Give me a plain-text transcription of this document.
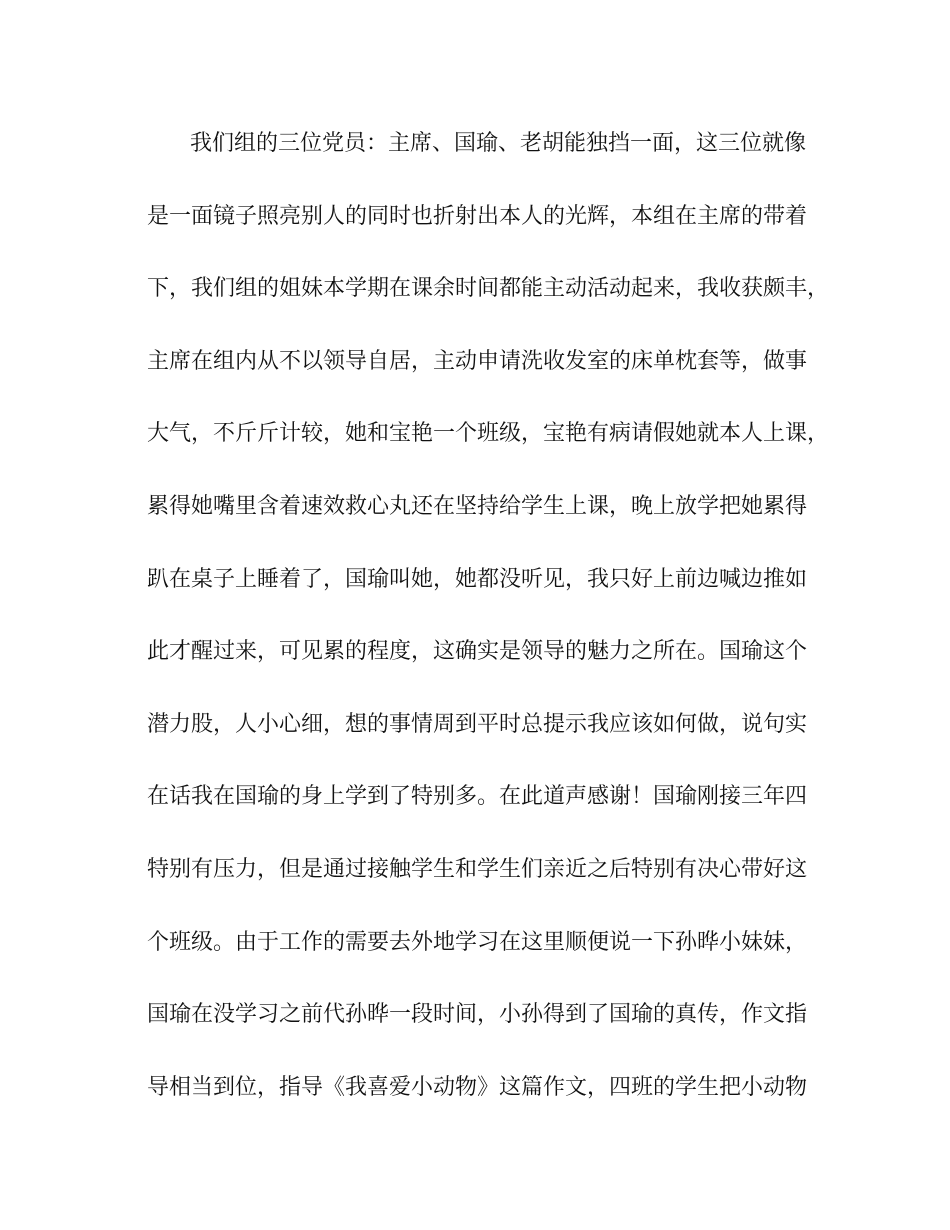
我们组的三位党员：主席、国瑜、老胡能独挡一面，这三位就像
是一面镜子照亮别人的同时也折射出本人的光辉，本组在主席的带着
下，我们组的姐妹本学期在课余时间都能主动活动起来，我收获颇丰，
主席在组内从不以领导自居，主动申请洗收发室的床单枕套等，做事
大气，不斤斤计较，她和宝艳一个班级，宝艳有病请假她就本人上课，
累得她嘴里含着速效救心丸还在坚持给学生上课，晚上放学把她累得
趴在桌子上睡着了，国瑜叫她，她都没听见，我只好上前边喊边推如
此才醒过来，可见累的程度，这确实是领导的魅力之所在。国瑜这个
潜力股，人小心细，想的事情周到平时总提示我应该如何做，说句实
在话我在国瑜的身上学到了特别多。在此道声感谢！国瑜刚接三年四
特别有压力，但是通过接触学生和学生们亲近之后特别有决心带好这
个班级。由于工作的需要去外地学习在这里顺便说一下孙晔小妹妹，
国瑜在没学习之前代孙晔一段时间，小孙得到了国瑜的真传，作文指
导相当到位，指导《我喜爱小动物》这篇作文，四班的学生把小动物
